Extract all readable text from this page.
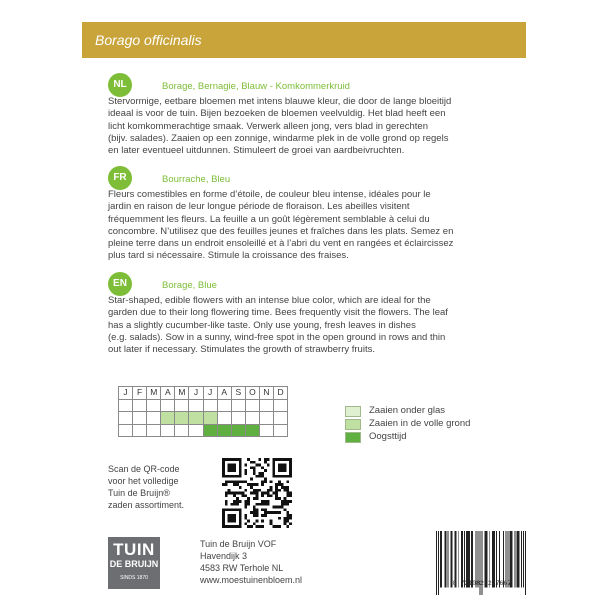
Borago officinalis
NL	Borage, Bernagie, Blauw - Komkommerkruid
Stervormige, eetbare bloemen met intens blauwe kleur, die door de lange bloeitijd
ideaal is voor de tuin. Bijen bezoeken de bloemen veelvuldig. Het blad heeft een
licht komkommerachtige smaak. Verwerk alleen jong, vers blad in gerechten
(bijv. salades). Zaaien op een zonnige, windarme plek in de volle grond op regels
en later eventueel uitdunnen. Stimuleert de groei van aardbeivruchten.
FR	Bourrache, Bleu
Fleurs comestibles en forme d’étoile, de couleur bleu intense, idéales pour le
jardin en raison de leur longue période de floraison. Les abeilles visitent
fréquemment les fleurs. La feuille a un goût légèrement semblable à celui du
concombre. N’utilisez que des feuilles jeunes et fraîches dans les plats. Semez en
pleine terre dans un endroit ensoleillé et à l’abri du vent en rangées et éclaircissez
plus tard si nécessaire. Stimule la croissance des fraises.
EN	Borage, Blue
Star-shaped, edible flowers with an intense blue color, which are ideal for the
garden due to their long flowering time. Bees frequently visit the flowers. The leaf
has a slightly cucumber-like taste. Only use young, fresh leaves in dishes
(e.g. salads). Sow in a sunny, wind-free spot in the open ground in rows and thin
out later if necessary. Stimulates the growth of strawberry fruits.
J	F	M	A	M	J	J	A	S	O	N	D

Zaaien onder glas
Zaaien in de volle grond
Oogsttijd
Scan de QR-code
voor het volledige
Tuin de Bruijn®
zaden assortiment.
TUIN
DE BRUIJN
SINDS 1870
Tuin de Bruijn VOF
Havendijk 3
4583 RW Terhole NL
www.moestuinenbloem.nl	8 721082 227667
